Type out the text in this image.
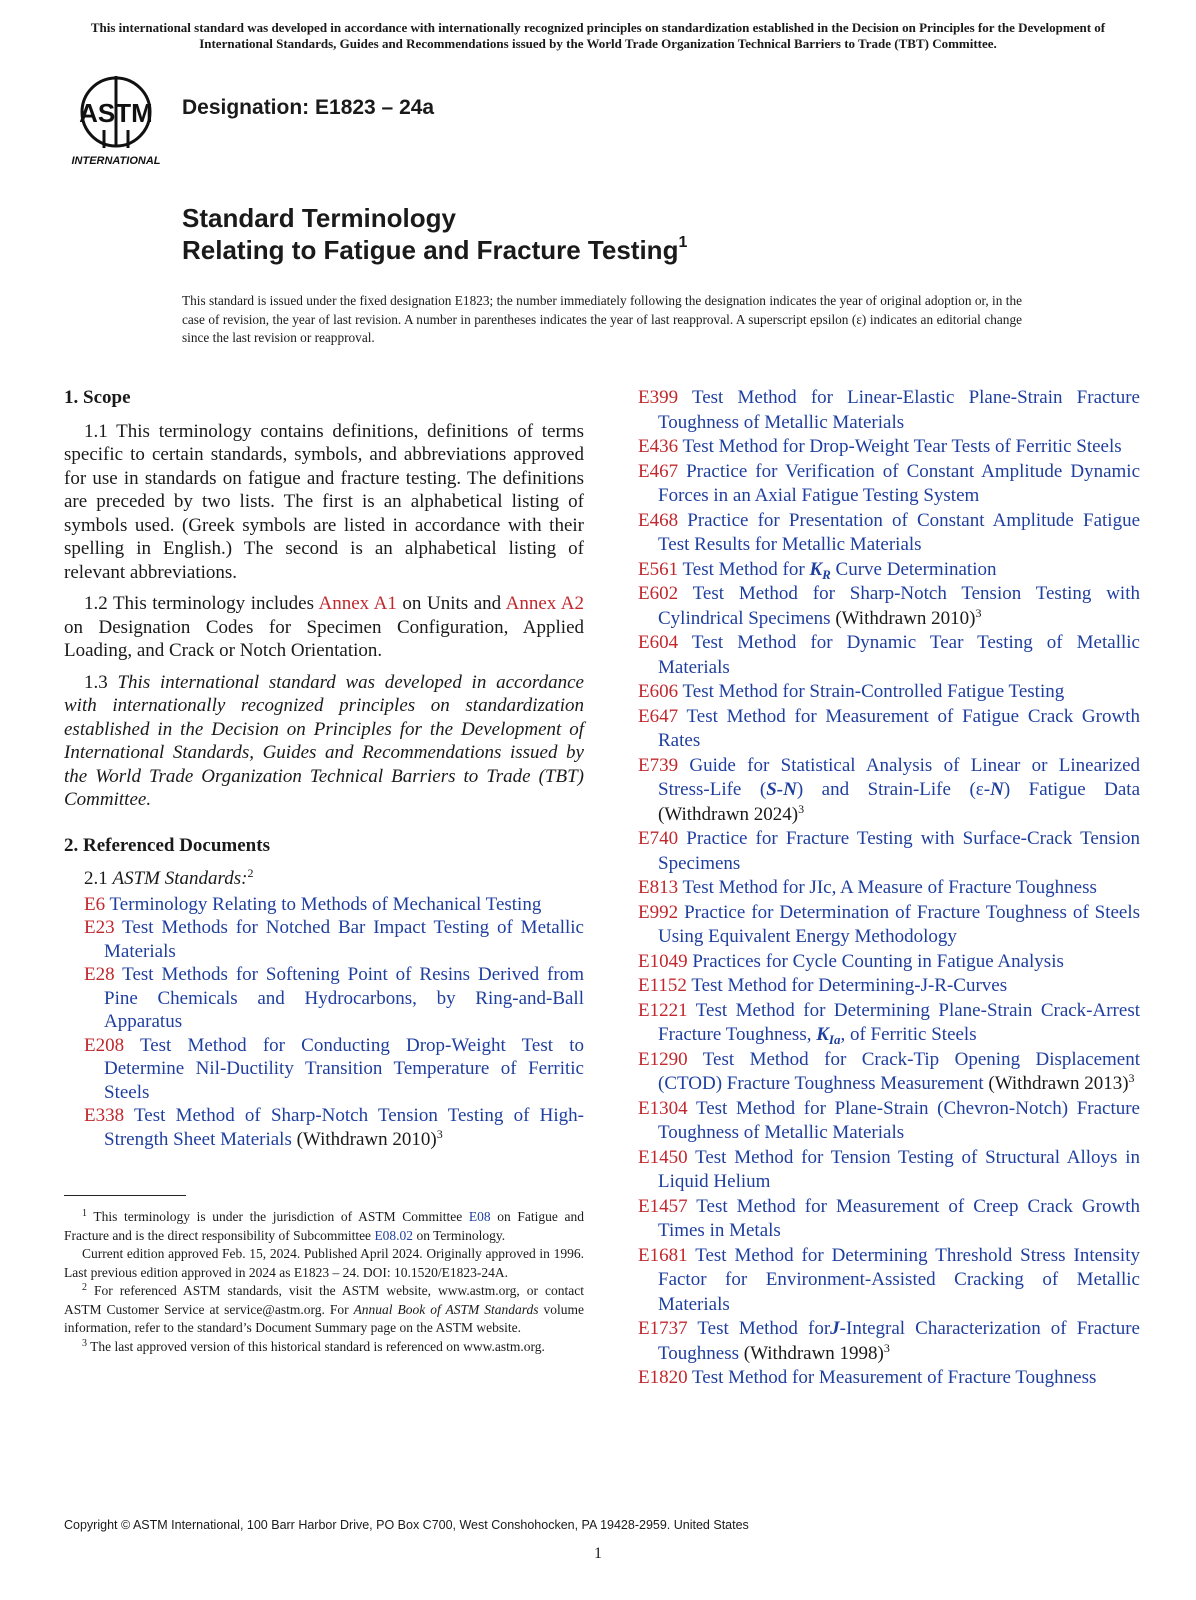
This international standard was developed in accordance with internationally recognized principles on standardization established in the Decision on Principles for the Development of International Standards, Guides and Recommendations issued by the World Trade Organization Technical Barriers to Trade (TBT) Committee.
ASTM
INTERNATIONAL
Designation: E1823 – 24a
Standard Terminology
Relating to Fatigue and Fracture Testing$^1$
This standard is issued under the fixed designation E1823; the number immediately following the designation indicates the year of original adoption or, in the case of revision, the year of last revision. A number in parentheses indicates the year of last reapproval. A superscript epsilon (ε) indicates an editorial change since the last revision or reapproval.
1. Scope

1.1 This terminology contains definitions, definitions of terms specific to certain standards, symbols, and abbreviations approved for use in standards on fatigue and fracture testing. The definitions are preceded by two lists. The first is an alphabetical listing of symbols used. (Greek symbols are listed in accordance with their spelling in English.) The second is an alphabetical listing of relevant abbreviations.

1.2 This terminology includes Annex A1 on Units and Annex A2 on Designation Codes for Specimen Configuration, Applied Loading, and Crack or Notch Orientation.

1.3 This international standard was developed in accordance with internationally recognized principles on standardization established in the Decision on Principles for the Development of International Standards, Guides and Recommendations issued by the World Trade Organization Technical Barriers to Trade (TBT) Committee.

2. Referenced Documents

2.1 ASTM Standards:$^2$

E6 Terminology Relating to Methods of Mechanical Testing

E23 Test Methods for Notched Bar Impact Testing of Metallic Materials

E28 Test Methods for Softening Point of Resins Derived from Pine Chemicals and Hydrocarbons, by Ring-and-Ball Apparatus

E208 Test Method for Conducting Drop-Weight Test to Determine Nil-Ductility Transition Temperature of Ferritic Steels

E338 Test Method of Sharp-Notch Tension Testing of High-Strength Sheet Materials (Withdrawn 2010)$^3$

E399 Test Method for Linear-Elastic Plane-Strain Fracture Toughness of Metallic Materials

E436 Test Method for Drop-Weight Tear Tests of Ferritic Steels

E467 Practice for Verification of Constant Amplitude Dynamic Forces in an Axial Fatigue Testing System

E468 Practice for Presentation of Constant Amplitude Fatigue Test Results for Metallic Materials

E561 Test Method for $K_R$ Curve Determination

E602 Test Method for Sharp-Notch Tension Testing with Cylindrical Specimens (Withdrawn 2010)$^3$

E604 Test Method for Dynamic Tear Testing of Metallic Materials

E606 Test Method for Strain-Controlled Fatigue Testing

E647 Test Method for Measurement of Fatigue Crack Growth Rates

E739 Guide for Statistical Analysis of Linear or Linearized Stress-Life (S-N) and Strain-Life (ε-N) Fatigue Data (Withdrawn 2024)$^3$

E740 Practice for Fracture Testing with Surface-Crack Tension Specimens

E813 Test Method for JIc, A Measure of Fracture Toughness

E992 Practice for Determination of Fracture Toughness of Steels Using Equivalent Energy Methodology

E1049 Practices for Cycle Counting in Fatigue Analysis

E1152 Test Method for Determining-J-R-Curves

E1221 Test Method for Determining Plane-Strain Crack-Arrest Fracture Toughness, $K_{Ia}$, of Ferritic Steels

E1290 Test Method for Crack-Tip Opening Displacement (CTOD) Fracture Toughness Measurement (Withdrawn 2013)$^3$

E1304 Test Method for Plane-Strain (Chevron-Notch) Fracture Toughness of Metallic Materials

E1450 Test Method for Tension Testing of Structural Alloys in Liquid Helium

E1457 Test Method for Measurement of Creep Crack Growth Times in Metals

E1681 Test Method for Determining Threshold Stress Intensity Factor for Environment-Assisted Cracking of Metallic Materials

E1737 Test Method forJ-Integral Characterization of Fracture Toughness (Withdrawn 1998)$^3$

E1820 Test Method for Measurement of Fracture Toughness

$^1$ This terminology is under the jurisdiction of ASTM Committee E08 on Fatigue and Fracture and is the direct responsibility of Subcommittee E08.02 on Terminology.

Current edition approved Feb. 15, 2024. Published April 2024. Originally approved in 1996. Last previous edition approved in 2024 as E1823 – 24. DOI: 10.1520/E1823-24A.

$^2$ For referenced ASTM standards, visit the ASTM website, www.astm.org, or contact ASTM Customer Service at service@astm.org. For Annual Book of ASTM Standards volume information, refer to the standard’s Document Summary page on the ASTM website.

$^3$ The last approved version of this historical standard is referenced on www.astm.org.

Copyright © ASTM International, 100 Barr Harbor Drive, PO Box C700, West Conshohocken, PA 19428-2959. United States
1
